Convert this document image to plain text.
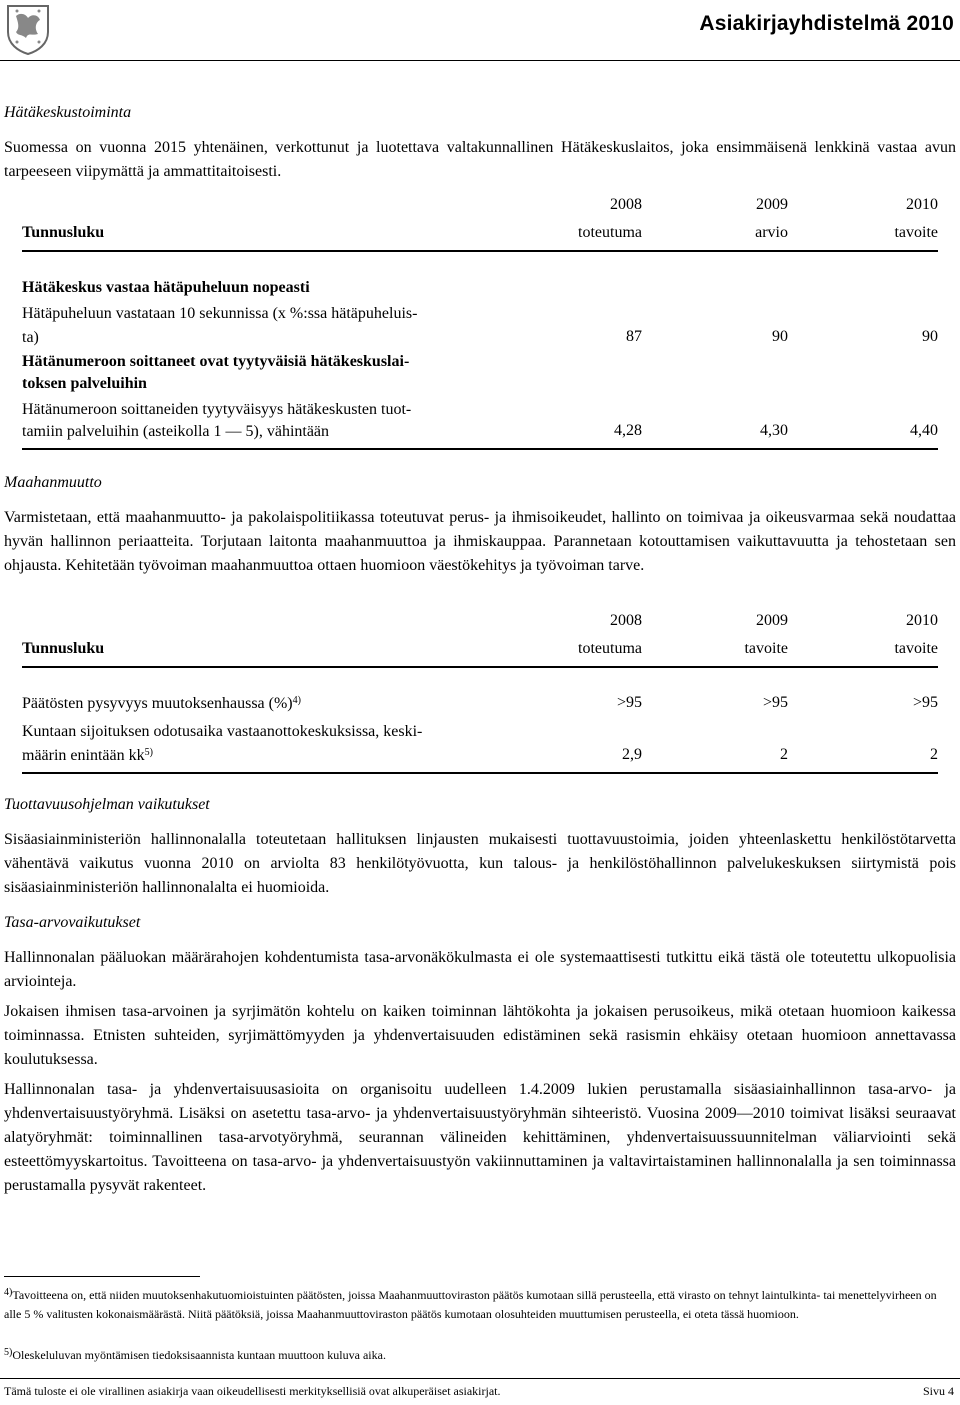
Asiakirjayhdistelmä 2010
Hätäkeskustoiminta
Suomessa on vuonna 2015 yhtenäinen, verkottunut ja luotettava valtakunnallinen Hätäkeskuslaitos, joka ensimmäisenä lenkkinä vastaa avun tarpeeseen viipymättä ja ammattitaitoisesti.
2008	2009	2010
Tunnusluku	toteutuma	arvio	tavoite
Hätäkeskus vastaa hätäpuheluun nopeasti
Hätäpuheluun vastataan 10 sekunnissa (x %:ssa hätäpuheluis-
ta)	87	90	90
Hätänumeroon soittaneet ovat tyytyväisiä hätäkeskuslai-
toksen palveluihin
Hätänumeroon soittaneiden tyytyväisyys hätäkeskusten tuot-
tamiin palveluihin (asteikolla 1 — 5), vähintään	4,28	4,30	4,40
Maahanmuutto
Varmistetaan, että maahanmuutto- ja pakolaispolitiikassa toteutuvat perus- ja ihmisoikeudet, hallinto on toimivaa ja oikeusvarmaa sekä noudattaa hyvän hallinnon periaatteita. Torjutaan laitonta maahanmuuttoa ja ihmiskauppaa. Parannetaan kotouttamisen vaikuttavuutta ja tehostetaan sen ohjausta. Kehitetään työvoiman maahanmuuttoa ottaen huomioon väestökehitys ja työvoiman tarve.
2008	2009	2010
Tunnusluku	toteutuma	tavoite	tavoite
Päätösten pysyvyys muutoksenhaussa (%)$^{4)}$	>95	>95	>95
Kuntaan sijoituksen odotusaika vastaanottokeskuksissa, keski-
määrin enintään $kk^{5)}$	2,9	2	2
Tuottavuusohjelman vaikutukset
Sisäasiainministeriön hallinnonalalla toteutetaan hallituksen linjausten mukaisesti tuottavuustoimia, joiden yhteenlaskettu henkilöstötarvetta vähentävä vaikutus vuonna 2010 on arviolta 83 henkilötyövuotta, kun talous- ja henkilöstöhallinnon palvelukeskuksen siirtymistä pois sisäasiainministeriön hallinnonalalta ei huomioida.
Tasa-arvovaikutukset
Hallinnonalan pääluokan määrärahojen kohdentumista tasa-arvonäkökulmasta ei ole systemaattisesti tutkittu eikä tästä ole toteutettu ulkopuolisia arviointeja.
Jokaisen ihmisen tasa-arvoinen ja syrjimätön kohtelu on kaiken toiminnan lähtökohta ja jokaisen perusoikeus, mikä otetaan huomioon kaikessa toiminnassa. Etnisten suhteiden, syrjimättömyyden ja yhdenvertaisuuden edistäminen sekä rasismin ehkäisy otetaan huomioon annettavassa koulutuksessa.
Hallinnonalan tasa- ja yhdenvertaisuusasioita on organisoitu uudelleen 1.4.2009 lukien perustamalla sisäasiainhallinnon tasa-arvo- ja yhdenvertaisuustyöryhmä. Lisäksi on asetettu tasa-arvo- ja yhdenvertaisuustyöryhmän sihteeristö. Vuosina 2009—2010 toimivat lisäksi seuraavat alatyöryhmät: toiminnallinen tasa-arvotyöryhmä, seurannan välineiden kehittäminen, yhdenvertaisuussuunnitelman väliarviointi sekä esteettömyyskartoitus. Tavoitteena on tasa-arvo- ja yhdenvertaisuustyön vakiinnuttaminen ja valtavirtaistaminen hallinnonalalla ja sen toiminnassa perustamalla pysyvät rakenteet.
$^{4)}$Tavoitteena on, että niiden muutoksenhakutuomioistuinten päätösten, joissa Maahanmuuttoviraston päätös kumotaan sillä perusteella, että virasto on tehnyt laintulkinta- tai menettelyvirheen on alle 5 % valitusten kokonaismäärästä. Niitä päätöksiä, joissa Maahanmuuttoviraston päätös kumotaan olosuhteiden muuttumisen perusteella, ei oteta tässä huomioon.
$^{5)}$Oleskeluluvan myöntämisen tiedoksisaannista kuntaan muuttoon kuluva aika.
Tämä tuloste ei ole virallinen asiakirja vaan oikeudellisesti merkityksellisiä ovat alkuperäiset asiakirjat.	Sivu 4
